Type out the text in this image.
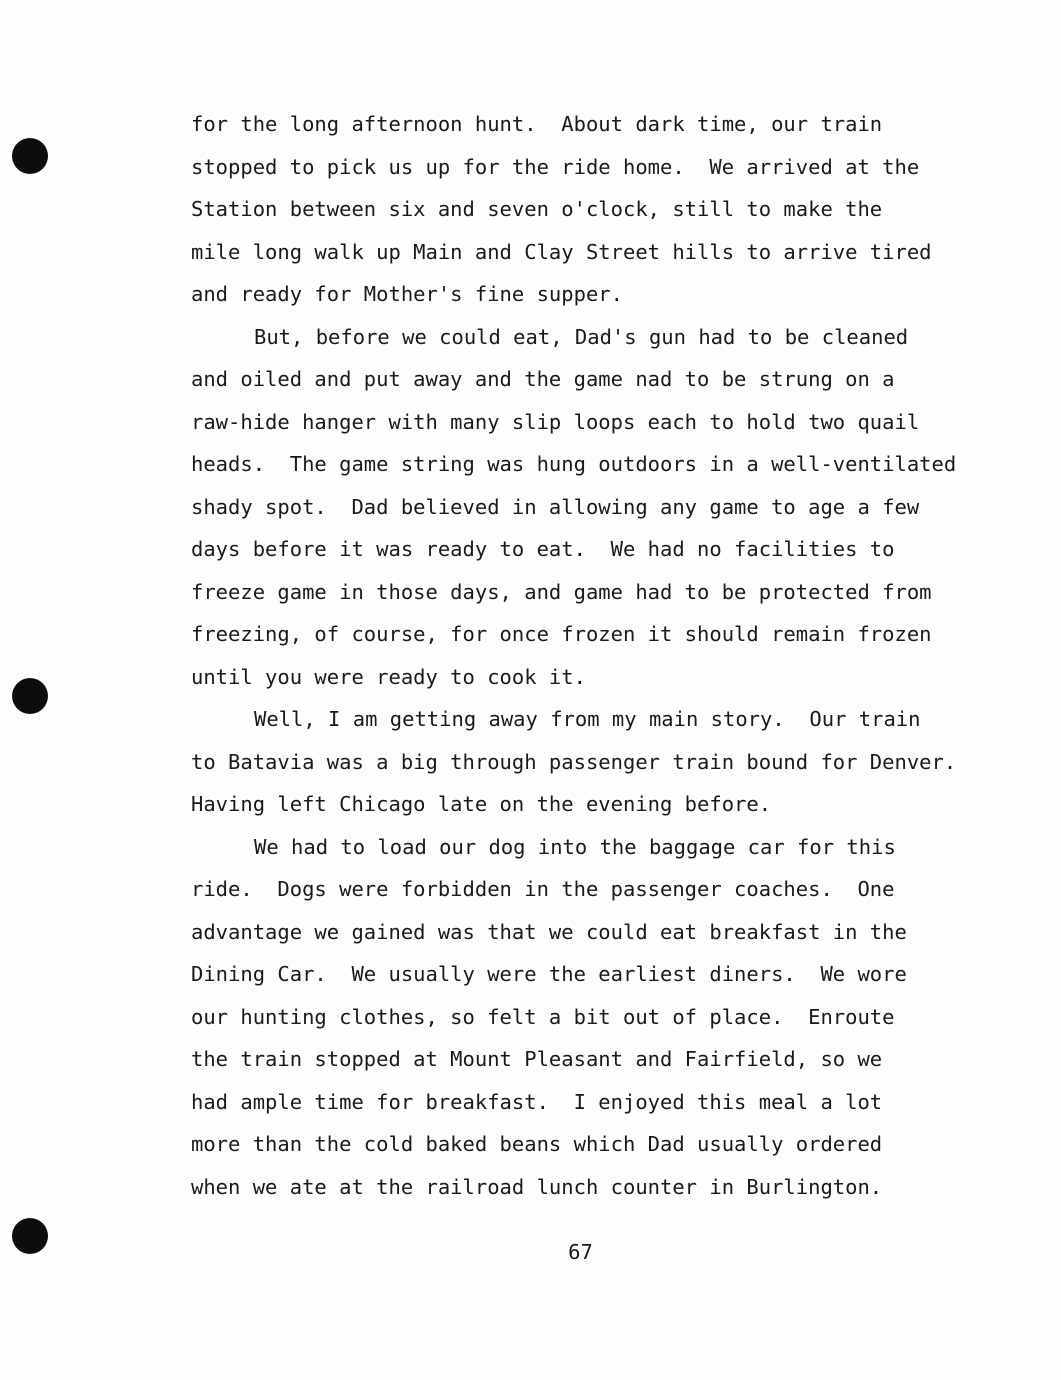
for the long afternoon hunt.  About dark time, our train
stopped to pick us up for the ride home.  We arrived at the
Station between six and seven o'clock, still to make the
mile long walk up Main and Clay Street hills to arrive tired
and ready for Mother's fine supper.
But, before we could eat, Dad's gun had to be cleaned
and oiled and put away and the game nad to be strung on a
raw-hide hanger with many slip loops each to hold two quail
heads.  The game string was hung outdoors in a well-ventilated
shady spot.  Dad believed in allowing any game to age a few
days before it was ready to eat.  We had no facilities to
freeze game in those days, and game had to be protected from
freezing, of course, for once frozen it should remain frozen
until you were ready to cook it.
Well, I am getting away from my main story.  Our train
to Batavia was a big through passenger train bound for Denver.
Having left Chicago late on the evening before.
We had to load our dog into the baggage car for this
ride.  Dogs were forbidden in the passenger coaches.  One
advantage we gained was that we could eat breakfast in the
Dining Car.  We usually were the earliest diners.  We wore
our hunting clothes, so felt a bit out of place.  Enroute
the train stopped at Mount Pleasant and Fairfield, so we
had ample time for breakfast.  I enjoyed this meal a lot
more than the cold baked beans which Dad usually ordered
when we ate at the railroad lunch counter in Burlington.
67
